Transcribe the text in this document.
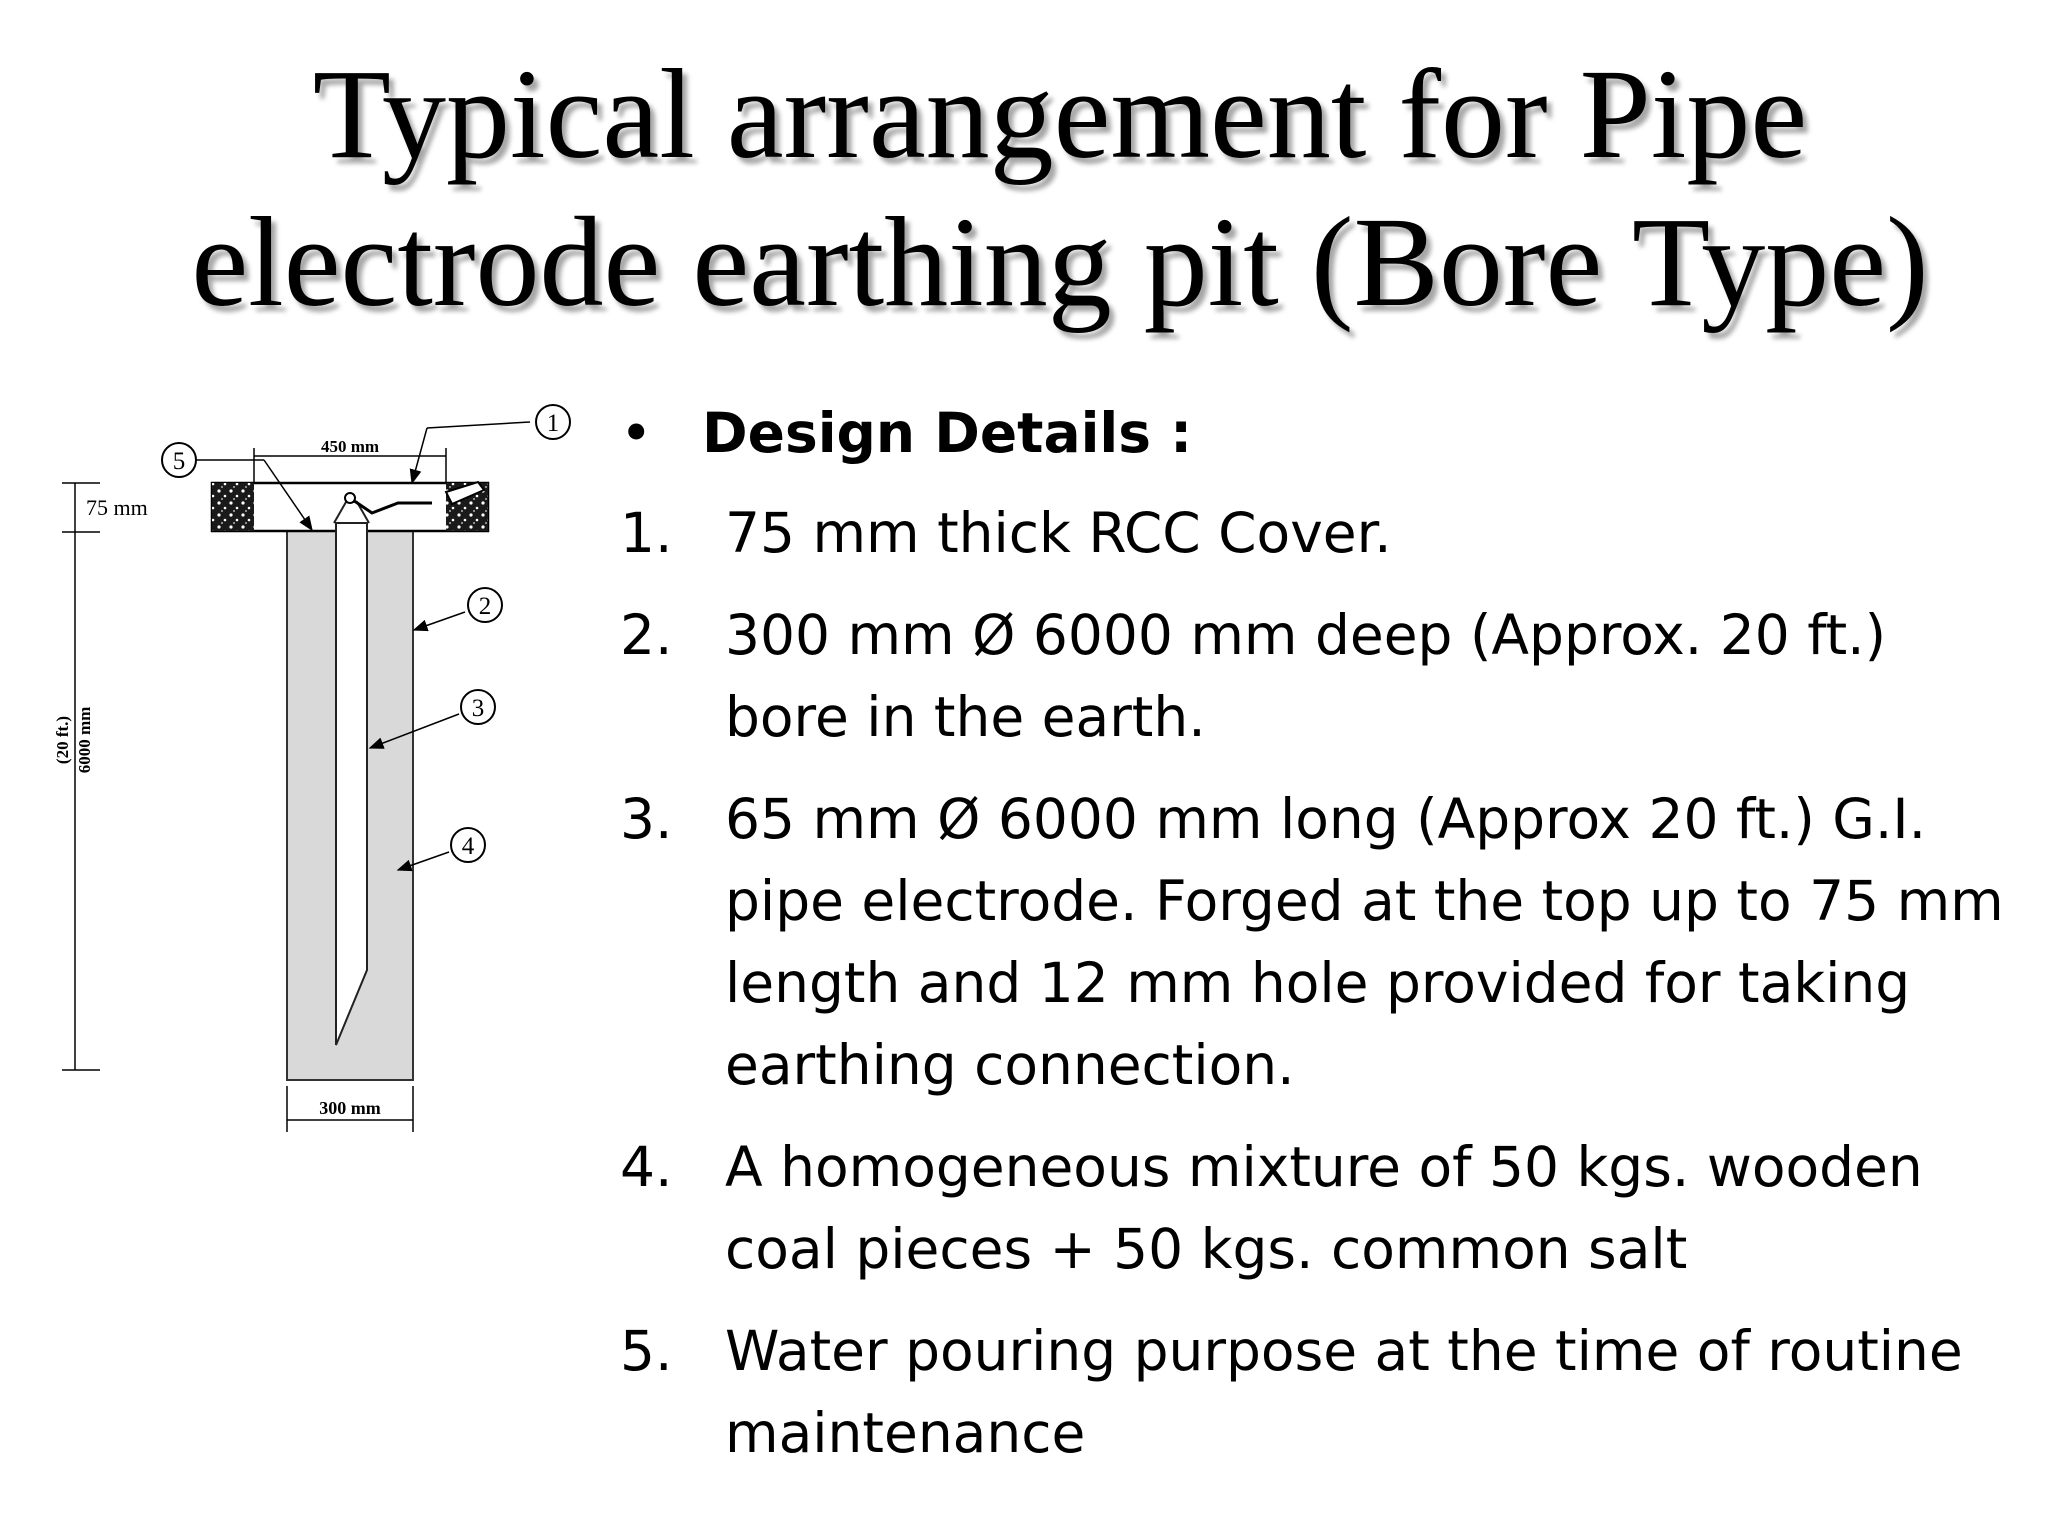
Typical arrangement for Pipe
electrode earthing pit (Bore Type)
450 mm
75 mm
(20 ft.) 6000 mm
300 mm
1
2
3
4
5	• Design Details :
1. 75 mm thick RCC Cover.
2. 300 mm Ø 6000 mm deep (Approx. 20 ft.) bore in the earth.
3. 65 mm Ø 6000 mm long (Approx 20 ft.) G.I. pipe electrode. Forged at the top up to 75 mm length and 12 mm hole provided for taking earthing connection.
4. A homogeneous mixture of 50 kgs. wooden coal pieces + 50 kgs. common salt
5. Water pouring purpose at the time of routine maintenance
